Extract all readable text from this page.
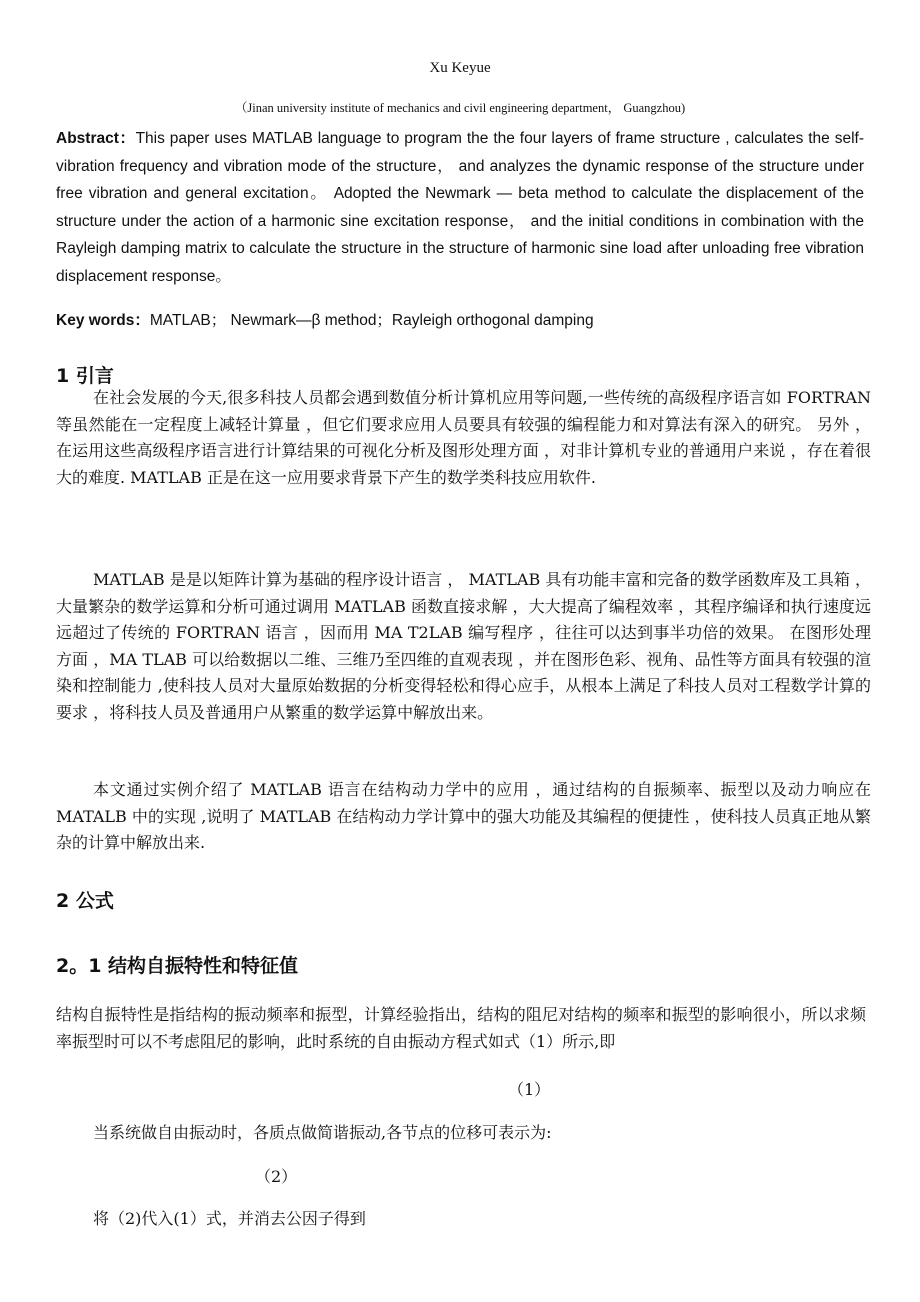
Xu Keyue
（Jinan university institute of mechanics and civil engineering department， Guangzhou)

Abstract：This paper uses MATLAB language to program the the four layers of frame structure , calculates the self-vibration frequency and vibration mode of the structure， and analyzes the dynamic response of the structure under free vibration and general excitation。 Adopted the Newmark — beta method to calculate the displacement of the structure under the action of a harmonic sine excitation response， and the initial conditions in combination with the Rayleigh damping matrix to calculate the structure in the structure of harmonic sine load after unloading free vibration displacement response。

Key words：MATLAB； Newmark—β method；Rayleigh orthogonal damping

1 引言

在社会发展的今天,很多科技人员都会遇到数值分析计算机应用等问题,一些传统的高级程序语言如 FORTRAN 等虽然能在一定程度上减轻计算量 ，但它们要求应用人员要具有较强的编程能力和对算法有深入的研究。 另外 ，在运用这些高级程序语言进行计算结果的可视化分析及图形处理方面 ，对非计算机专业的普通用户来说 ，存在着很大的难度. MATLAB 正是在这一应用要求背景下产生的数学类科技应用软件.

MATLAB 是是以矩阵计算为基础的程序设计语言 ， MATLAB 具有功能丰富和完备的数学函数库及工具箱 ，大量繁杂的数学运算和分析可通过调用 MATLAB 函数直接求解 ，大大提高了编程效率 ，其程序编译和执行速度远远超过了传统的 FORTRAN 语言 ，因而用 MA T2LAB 编写程序 ，往往可以达到事半功倍的效果。 在图形处理方面 ，MA TLAB 可以给数据以二维、三维乃至四维的直观表现 ，并在图形色彩、视角、品性等方面具有较强的渲染和控制能力 ,使科技人员对大量原始数据的分析变得轻松和得心应手，从根本上满足了科技人员对工程数学计算的要求 ，将科技人员及普通用户从繁重的数学运算中解放出来。

本文通过实例介绍了 MATLAB 语言在结构动力学中的应用 ，通过结构的自振频率、振型以及动力响应在 MATALB 中的实现 ,说明了 MATLAB 在结构动力学计算中的强大功能及其编程的便捷性 ，使科技人员真正地从繁杂的计算中解放出来.

2 公式
2。1 结构自振特性和特征值

结构自振特性是指结构的振动频率和振型，计算经验指出，结构的阻尼对结构的频率和振型的影响很小，所以求频率振型时可以不考虑阻尼的影响，此时系统的自由振动方程式如式（1）所示,即

（1）

当系统做自由振动时，各质点做简谐振动,各节点的位移可表示为:

（2）

将（2)代入(1）式，并消去公因子得到
